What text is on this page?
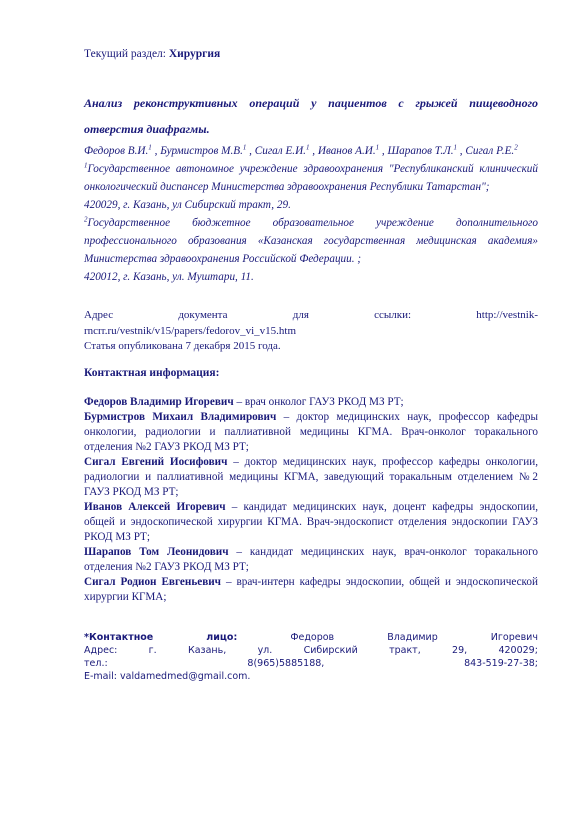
Текущий раздел: Хирургия

Анализ реконструктивных операций у пациентов с грыжей пищеводного отверстия диафрагмы.

Федоров В.И.$^1$ , Бурмистров М.В.$^1$ , Сигал Е.И.$^1$ , Иванов А.И.$^1$ , Шарапов Т.Л.$^1$ , Сигал Р.Е.$^2$
$^1$Государственное автономное учреждение здравоохранения "Республиканский клинический онкологический диспансер Министерства здравоохранения Республики Татарстан";
420029, г. Казань, ул Сибирский тракт, 29.
$^2$Государственное бюджетное образовательное учреждение дополнительного профессионального образования «Казанская государственная медицинская академия» Министерства здравоохранения Российской Федерации. ;
420012, г. Казань, ул. Муштари, 11.
Адрес	документа	для	ссылки:	http://vestnik-
rncrr.ru/vestnik/v15/papers/fedorov_vi_v15.htm
Статья опубликована 7 декабря 2015 года.
Контактная информация:
Федоров Владимир Игоревич – врач онколог ГАУЗ РКОД МЗ РТ;
Бурмистров Михаил Владимирович – доктор медицинских наук, профессор кафедры онкологии, радиологии и паллиативной медицины КГМА. Врач-онколог торакального отделения №2 ГАУЗ РКОД МЗ РТ;
Сигал Евгений Иосифович – доктор медицинских наук, профессор кафедры онкологии, радиологии и паллиативной медицины КГМА, заведующий торакальным отделением №2 ГАУЗ РКОД МЗ РТ;
Иванов Алексей Игоревич – кандидат медицинских наук, доцент кафедры эндоскопии, общей и эндоскопической хирургии КГМА. Врач-эндоскопист отделения эндоскопии ГАУЗ РКОД МЗ РТ;
Шарапов Том Леонидович – кандидат медицинских наук, врач-онколог торакального отделения №2 ГАУЗ РКОД МЗ РТ;
Сигал Родион Евгеньевич – врач-интерн кафедры эндоскопии, общей и эндоскопической хирургии КГМА;
*Контактное	лицо:	Федоров	Владимир	Игоревич
Адрес:	г.	Казань,	ул.	Сибирский	тракт,	29,	420029;
тел.:	8(965)5885188,	843-519-27-38;
E-mail: valdamedmed@gmail.com.
